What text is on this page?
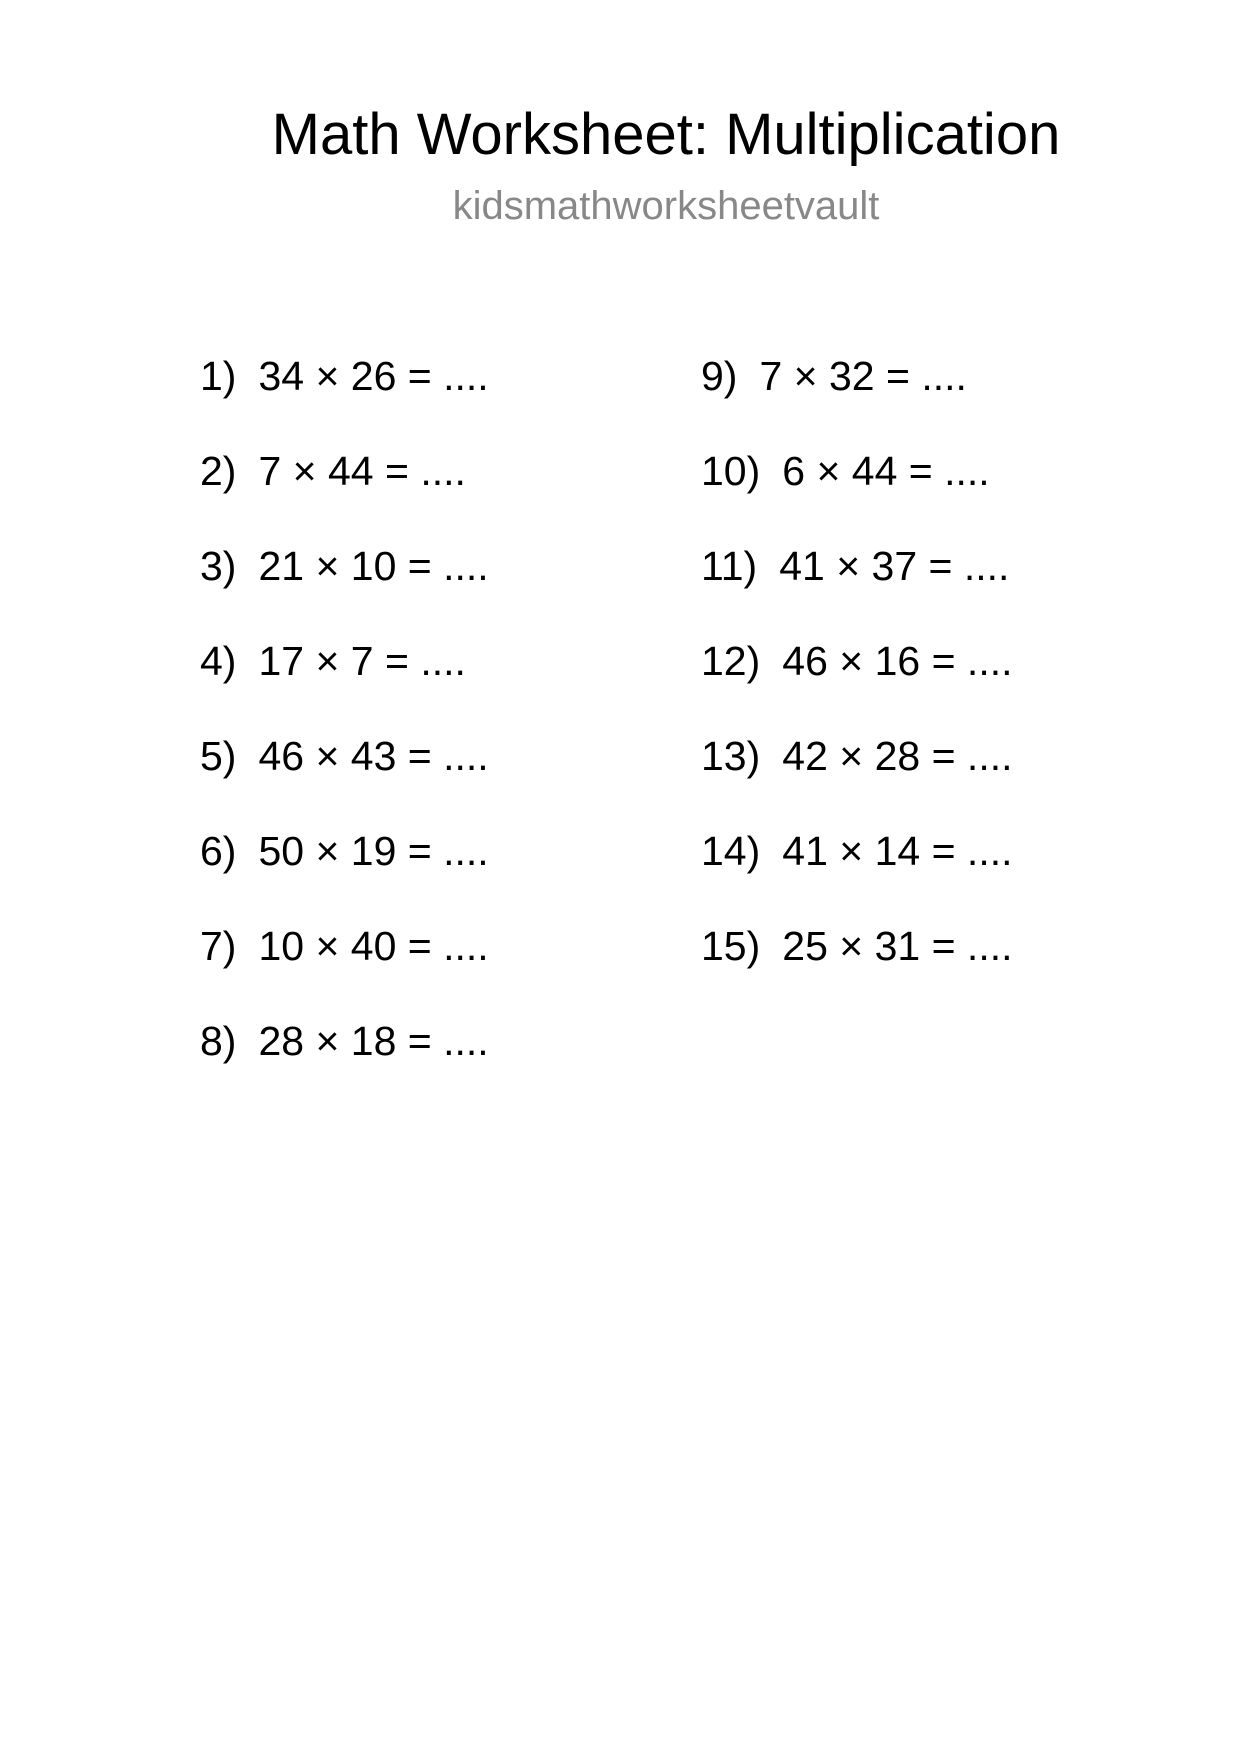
Math Worksheet: Multiplication
kidsmathworksheetvault
1) 34 × 26 = ....
2) 7 × 44 = ....
3) 21 × 10 = ....
4) 17 × 7 = ....
5) 46 × 43 = ....
6) 50 × 19 = ....
7) 10 × 40 = ....
8) 28 × 18 = ....
9) 7 × 32 = ....
10) 6 × 44 = ....
11) 41 × 37 = ....
12) 46 × 16 = ....
13) 42 × 28 = ....
14) 41 × 14 = ....
15) 25 × 31 = ....
